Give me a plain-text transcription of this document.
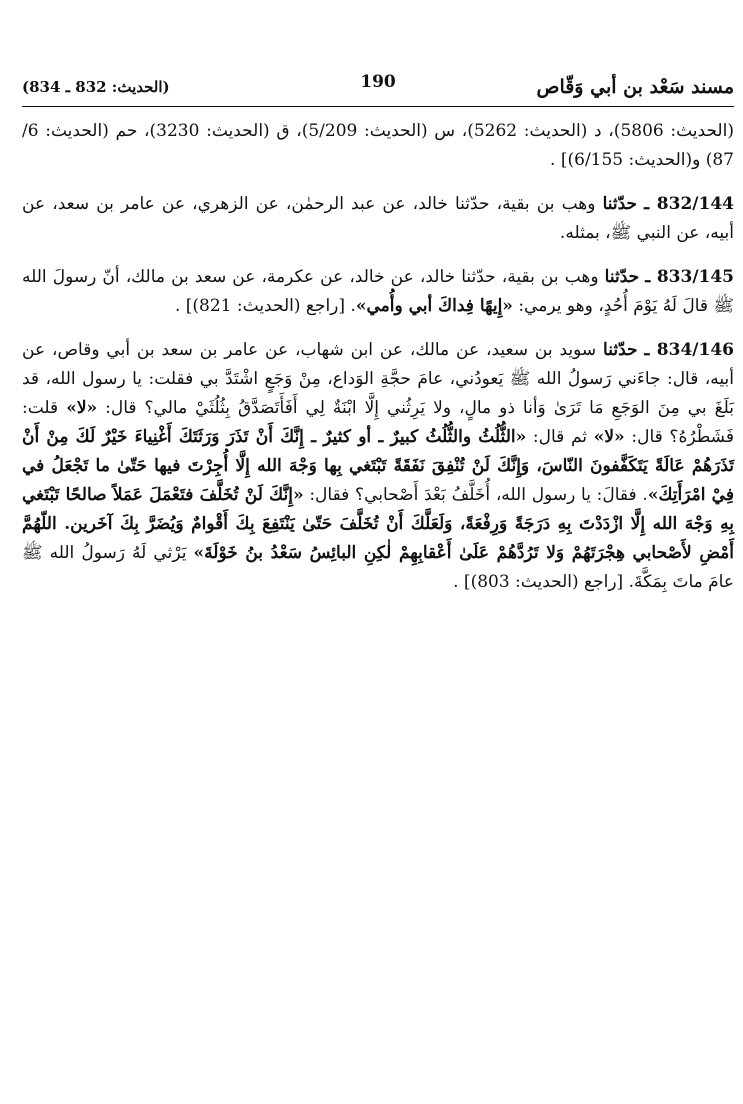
مسند سَعْد بن أبي وَقّاص
190
(الحديث: 832 ـ 834)

(الحديث: 5806)، د (الحديث: 5262)، س (الحديث: 5/209)، ق (الحديث: 3230)، حم (الحديث: 6/ 87) و(الحديث: 6/155)] .

832/144 ـ حدّثنا وهب بن بقية، حدّثنا خالد، عن عبد الرحمٰن، عن الزهري، عن عامر بن سعد، عن أبيه، عن النبي ﷺ، بمثله.

833/145 ـ حدّثنا وهب بن بقية، حدّثنا خالد، عن خالد، عن عكرمة، عن سعد بن مالك، أنّ رسولَ الله ﷺ قالَ لَهُ يَوْمَ أُحُدٍ، وهو يرمي: «إِيهًا فِداكَ أبي وأُمي». [راجع (الحديث: 821)] .

834/146 ـ حدّثنا سويد بن سعيد، عن مالك، عن ابن شهاب، عن عامر بن سعد بن أبي وقاص، عن أبيه، قال: جاءَني رَسولُ الله ﷺ يَعودُني، عامَ حجَّةِ الوَداع، مِنْ وَجَعٍ اشْتَدَّ بي فقلت: يا رسول الله، قد بَلَغَ بي مِنَ الوَجَعِ مَا تَرَىٰ وَأنا ذو مالٍ، ولا يَرِثُني إِلَّا ابْنَةٌ لِي أَفَأَتَصَدَّقُ بِثُلُثَيْ مالي؟ قال: «لا» قلت: فَشَطْرُهُ؟ قال: «لا» ثم قال: «الثُّلُثُ والثُّلُثُ كبيرٌ ـ أو كثيرٌ ـ إِنَّكَ أَنْ تَذَرَ وَرَثَتَكَ أَغْنِياءَ خَيْرٌ لَكَ مِنْ أَنْ تَذَرَهُمْ عَالَةً يَتَكَفَّفونَ النّاسَ، وَإِنَّكَ لَنْ تُنْفِقَ نَفَقَةً تَبْتَغي بِها وَجْهَ الله إِلَّا أُجِرْتَ فيها حَتّىٰ ما تَجْعَلُ في فِيْ امْرَأَتِكَ». فقالَ: يا رسول الله، أُخَلَّفُ بَعْدَ أَصْحابي؟ فقال: «إِنَّكَ لَنْ تُخَلَّفَ فتَعْمَلَ عَمَلاً صالحًا تَبْتَغي بِهِ وَجْهَ الله إِلَّا ازْدَدْتَ بِهِ دَرَجَةً وَرِفْعَةً، وَلَعَلَّكَ أَنْ تُخَلَّفَ حَتّىٰ يَنْتَفِعَ بِكَ أَقْوامٌ وَيُضَرَّ بِكَ آخَرين. اللّهُمَّ أَمْضِ لأَصْحابي هِجْرَتَهُمْ وَلا تَرُدَّهُمْ عَلَىٰ أَعْقابِهِمْ لٰكِنِ البائِسُ سَعْدُ بنُ خَوْلَةَ» يَرْثي لَهُ رَسولُ الله ﷺ عامَ ماتَ بِمَكَّةَ. [راجع (الحديث: 803)] .
